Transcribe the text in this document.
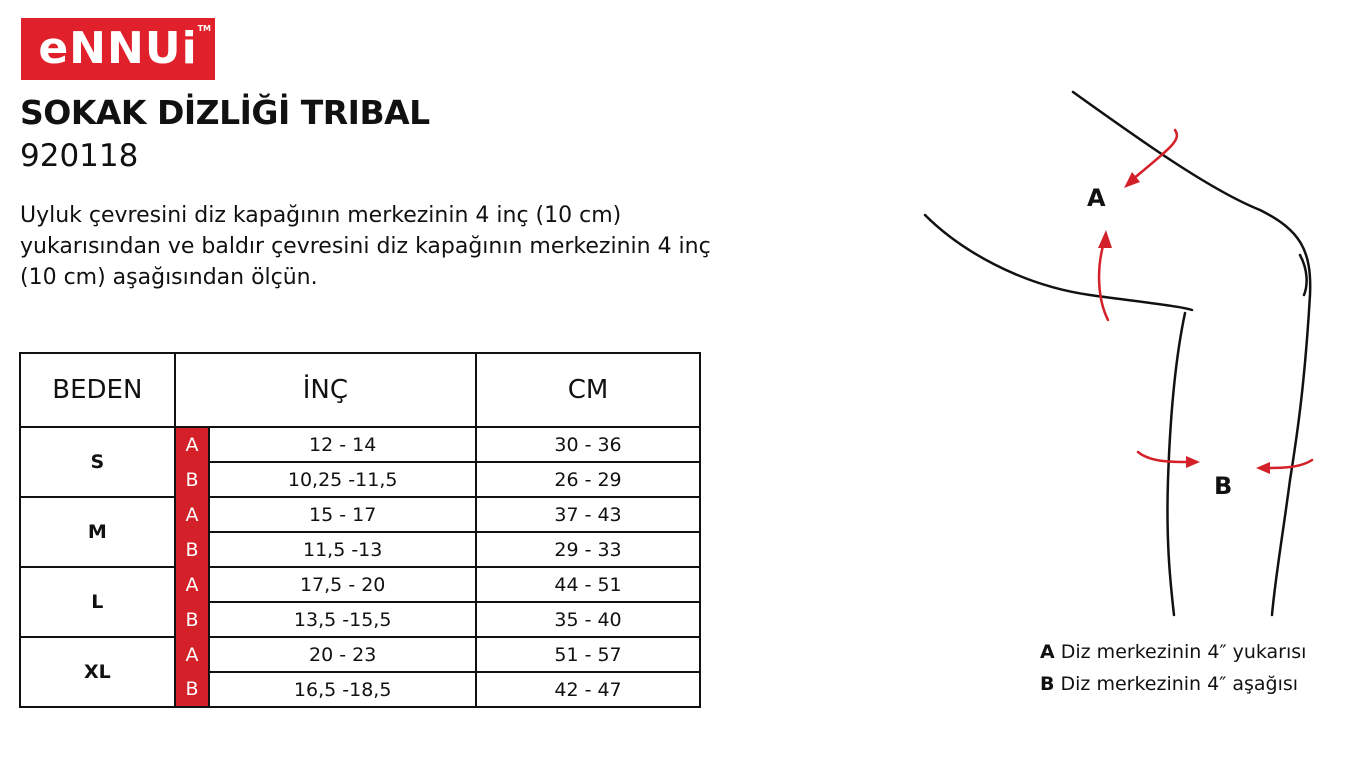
eNNUi TM
SOKAK DİZLİĞİ TRIBAL
920118

Uyluk çevresini diz kapağının merkezinin 4 inç (10 cm) yukarısından ve baldır çevresini diz kapağının merkezinin 4 inç (10 cm) aşağısından ölçün.

BEDEN	İNÇ		CM
S	A	12 - 14	30 - 36
	B	10,25 -11,5	26 - 29
M	A	15 - 17	37 - 43
	B	11,5 -13	29 - 33
L	A	17,5 - 20	44 - 51
	B	13,5 -15,5	35 - 40
XL	A	20 - 23	51 - 57
	B	16,5 -18,5	42 - 47
A
B
A Diz merkezinin 4″ yukarısı
B Diz merkezinin 4″ aşağısı
